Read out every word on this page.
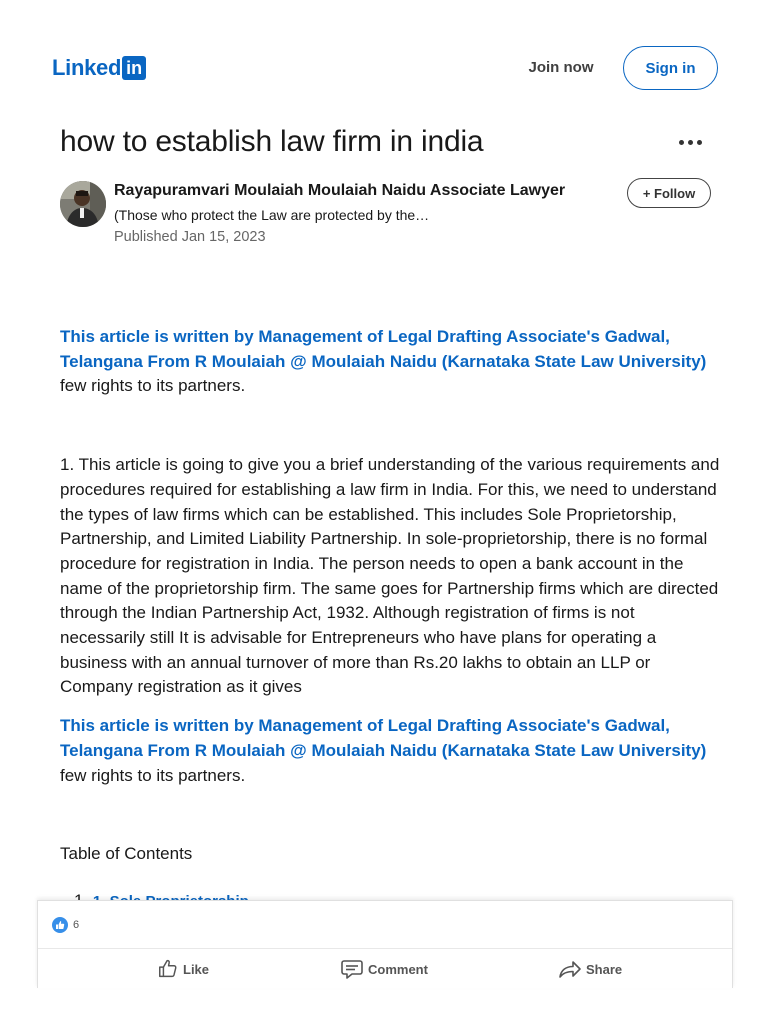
Linked in	Join now	Sign in
how to establish law firm in india
Rayapuramvari Moulaiah Moulaiah Naidu Associate Lawyer
(Those who protect the Law are protected by the…
Published Jan 15, 2023
+ Follow

This article is written by Management of Legal Drafting Associate's Gadwal, Telangana From R Moulaiah @ Moulaiah Naidu (Karnataka State Law University)
few rights to its partners.

1. This article is going to give you a brief understanding of the various requirements and procedures required for establishing a law firm in India. For this, we need to understand the types of law firms which can be established. This includes Sole Proprietorship, Partnership, and Limited Liability Partnership. In sole-proprietorship, there is no formal procedure for registration in India. The person needs to open a bank account in the name of the proprietorship firm. The same goes for Partnership firms which are directed through the Indian Partnership Act, 1932. Although registration of firms is not necessarily still It is advisable for Entrepreneurs who have plans for operating a business with an annual turnover of more than Rs.20 lakhs to obtain an LLP or Company registration as it gives

This article is written by Management of Legal Drafting Associate's Gadwal, Telangana From R Moulaiah @ Moulaiah Naidu (Karnataka State Law University)
few rights to its partners.

Table of Contents

6
Like	Comment	Share
